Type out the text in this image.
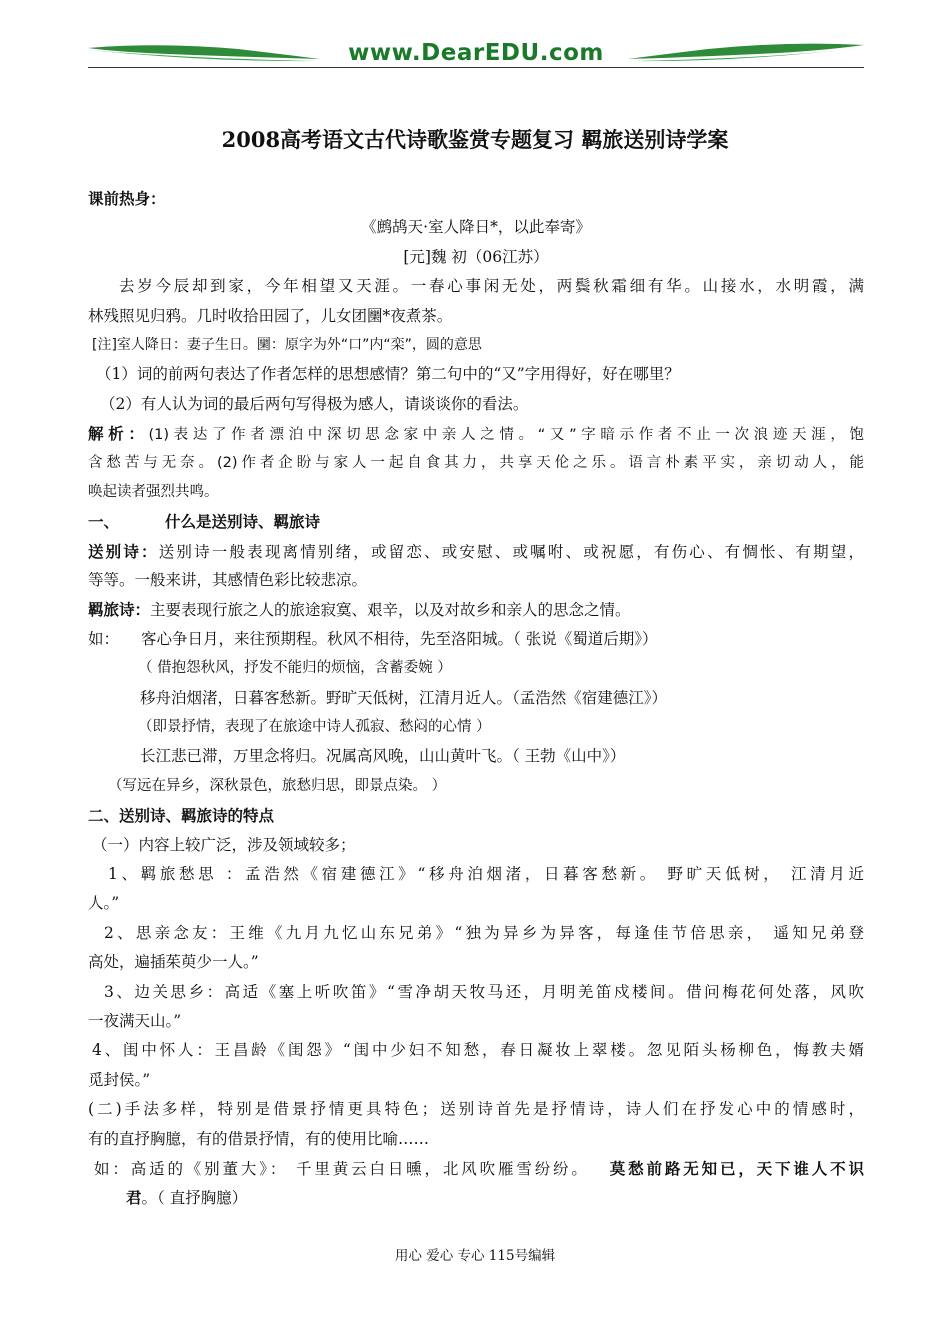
www.DearEDU.com
2008高考语文古代诗歌鉴赏专题复习 羁旅送别诗学案
课前热身：
《鹧鸪天·室人降日*，以此奉寄》
[元]魏 初（06江苏）
去岁今辰却到家，今年相望又天涯。一春心事闲无处，两鬓秋霜细有华。山接水，水明霞，满
林残照见归鸦。几时收拾田园了，儿女团圞*夜煮茶。
[注]室人降日：妻子生日。圞：原字为外“口”内“栾”，圆的意思
（1）词的前两句表达了作者怎样的思想感情？第二句中的“又”字用得好，好在哪里？
（2）有人认为词的最后两句写得极为感人，请谈谈你的看法。
解析：(1)表达了作者漂泊中深切思念家中亲人之情。“又”字暗示作者不止一次浪迹天涯，饱
含愁苦与无奈。(2)作者企盼与家人一起自食其力，共享天伦之乐。语言朴素平实，亲切动人，能
唤起读者强烈共鸣。
一、	什么是送别诗、羁旅诗
送别诗：送别诗一般表现离情别绪，或留恋、或安慰、或嘱咐、或祝愿，有伤心、有惆怅、有期望，
等等。一般来讲，其感情色彩比较悲凉。
羁旅诗：主要表现行旅之人的旅途寂寞、艰辛，以及对故乡和亲人的思念之情。
如： 客心争日月，来往预期程。秋风不相待，先至洛阳城。（ 张说《蜀道后期》）
（ 借抱怨秋风，抒发不能归的烦恼，含蓄委婉 ）
移舟泊烟渚，日暮客愁新。野旷天低树，江清月近人。（孟浩然《宿建德江》）
（即景抒情，表现了在旅途中诗人孤寂、愁闷的心情 ）
长江悲已滞，万里念将归。况属高风晚，山山黄叶飞。（ 王勃《山中》）
（写远在异乡，深秋景色，旅愁归思，即景点染。 ）
二、送别诗、羁旅诗的特点
（一）内容上较广泛，涉及领域较多；
1、羁旅愁思 ：孟浩然《宿建德江》“移舟泊烟渚，日暮客愁新。 野旷天低树， 江清月近
人。”
2、思亲念友：王维《九月九忆山东兄弟》“独为异乡为异客，每逢佳节倍思亲， 遥知兄弟登
高处，遍插茱萸少一人。”
3、边关思乡：高适《塞上听吹笛》“雪净胡天牧马还，月明羌笛戍楼间。借问梅花何处落，风吹
一夜满天山。”
4、闺中怀人：王昌龄《闺怨》“闺中少妇不知愁，春日凝妆上翠楼。忽见陌头杨柳色，悔教夫婿
觅封侯。”
(二)手法多样，特别是借景抒情更具特色；送别诗首先是抒情诗，诗人们在抒发心中的情感时，
有的直抒胸臆，有的借景抒情，有的使用比喻……
如：高适的《别董大》： 千里黄云白日曛，北风吹雁雪纷纷。 莫愁前路无知已，天下谁人不识
君。（ 直抒胸臆）
用心 爱心 专心 115号编辑
